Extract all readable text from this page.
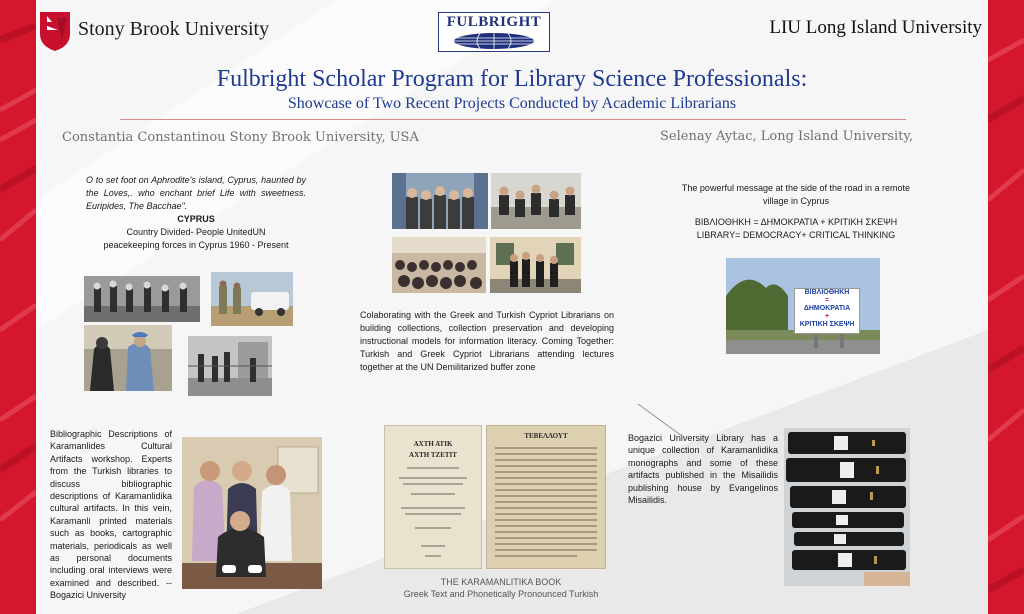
Stony Brook University	FULBRIGHT	LIU Long Island University
Fulbright Scholar Program for Library Science Professionals:
Showcase of Two Recent Projects Conducted by Academic Librarians
Constantia Constantinou Stony Brook University, USA	Selenay Aytac, Long Island University,
O to set foot on Aphrodite's island, Cyprus, haunted by the Loves,. who enchant brief Life with sweetness. Euripides, The Bacchae".
CYPRUS
Country Divided- People UnitedUN
peacekeeping forces in Cyprus 1960 - Present
Colaborating with the Greek and Turkish Cypriot Librarians on building collections, collection preservation and developing instructional models for information literacy. Coming Together: Turkish and Greek Cypriot Librarians attending lectures together at the UN Demilitarized buffer zone

The powerful message at the side of the road in a remote village in Cyprus

ΒΙΒΛΙΟΘΗΚΗ = ΔΗΜΟΚΡΑΤΙΑ + ΚΡΙΤΙΚΗ ΣΚΕΨΗ
LIBRARY= DEMOCRACY+ CRITICAL THINKING
ΒΙΒΛΙΟΘΗΚΗ
=
ΔΗΜΟΚΡΑΤΙΑ
+
ΚΡΙΤΙΚΗ ΣΚΕΨΗ
Bibliographic Descriptions of Karamanlides Cultural Artifacts workshop. Experts from the Turkish libraries to discuss bibliographic descriptions of Karamanlidika cultural artifacts. In this vein, Karamanli printed materials such as books, cartographic materials, periodicals as well as personal documents including oral interviews were examined and described. -- Bogazici University
ΑΧΤΗ ΑΤΙΚ
ΑΧΤΗ ΤΖΕΤΙΤ
ΤΕΒΕΛΛΟΥΤ
THE KARAMANLITIKA BOOK
Greek Text and Phonetically Pronounced Turkish
Bogazici University Library has a unique collection of Karamanlidika monographs and some of these artifacts published in the Misailidis publishing house by Evangelinos Misailidis.
